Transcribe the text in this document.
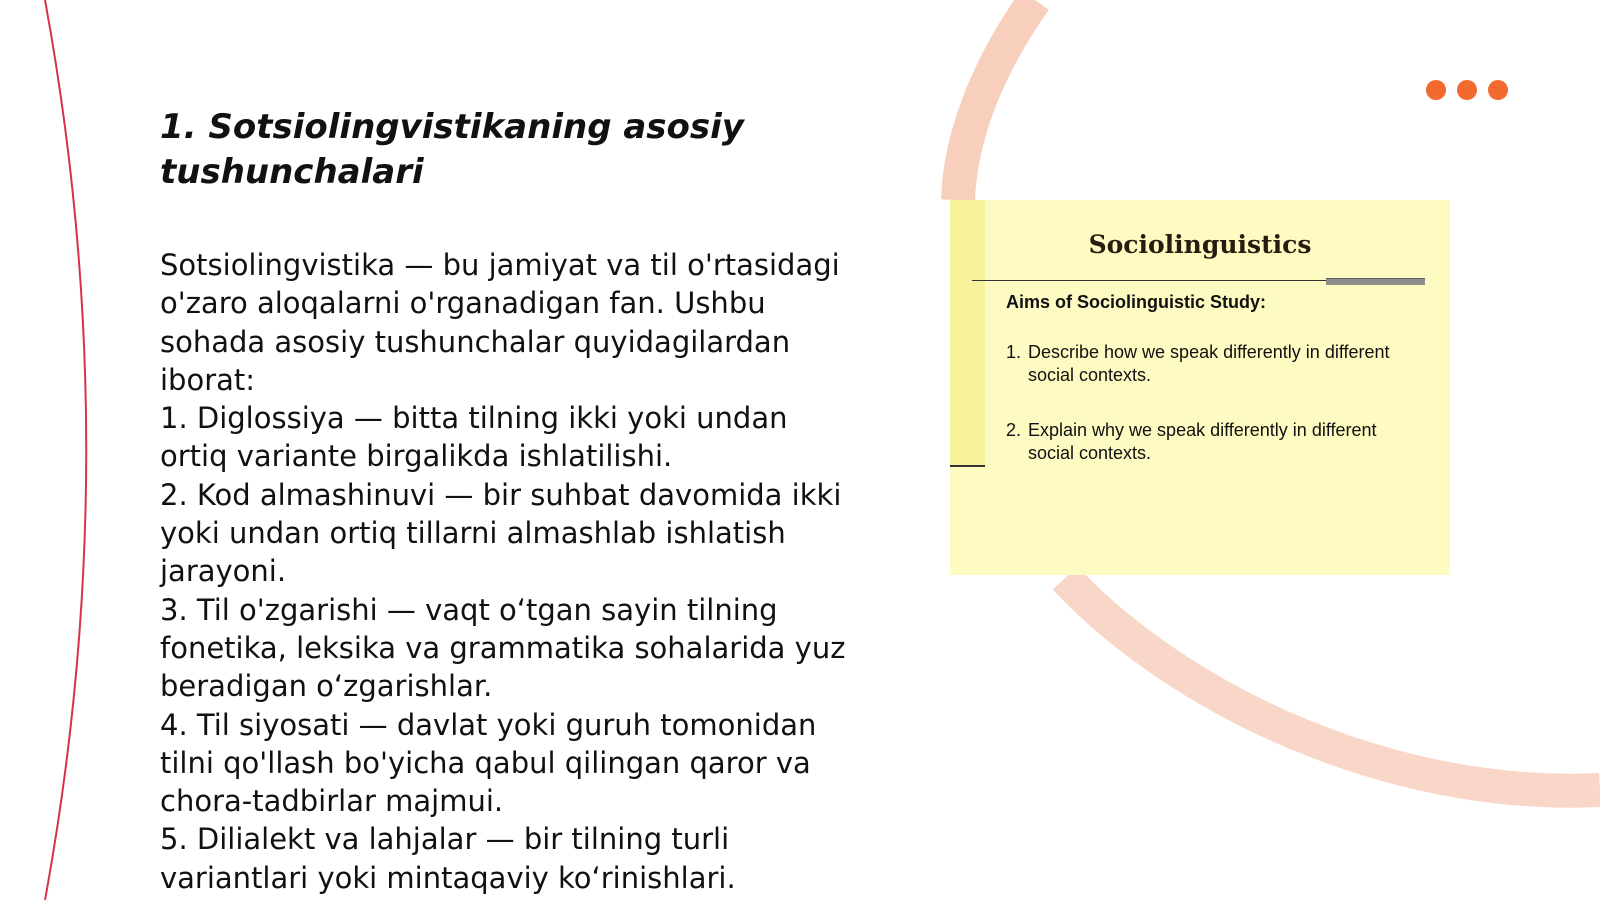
1. Sotsiolingvistikaning asosiy
tushunchalari

Sotsiolingvistika — bu jamiyat va til o'rtasidagi o'zaro aloqalarni o'rganadigan fan. Ushbu sohada asosiy tushunchalar quyidagilardan iborat:

1. Diglossiya — bitta tilning ikki yoki undan ortiq variante birgalikda ishlatilishi.

2. Kod almashinuvi — bir suhbat davomida ikki yoki undan ortiq tillarni almashlab ishlatish jarayoni.

3. Til o'zgarishi — vaqt oʻtgan sayin tilning fonetika, leksika va grammatika sohalarida yuz beradigan oʻzgarishlar.

4. Til siyosati — davlat yoki guruh tomonidan tilni qo'llash bo'yicha qabul qilingan qaror va chora-tadbirlar majmui.

5. Dilialekt va lahjalar — bir tilning turli variantlari yoki mintaqaviy koʻrinishlari.

Sociolinguistics
Aims of Sociolinguistic Study:
1. Describe how we speak differently in different social contexts.
2. Explain why we speak differently in different social contexts.
